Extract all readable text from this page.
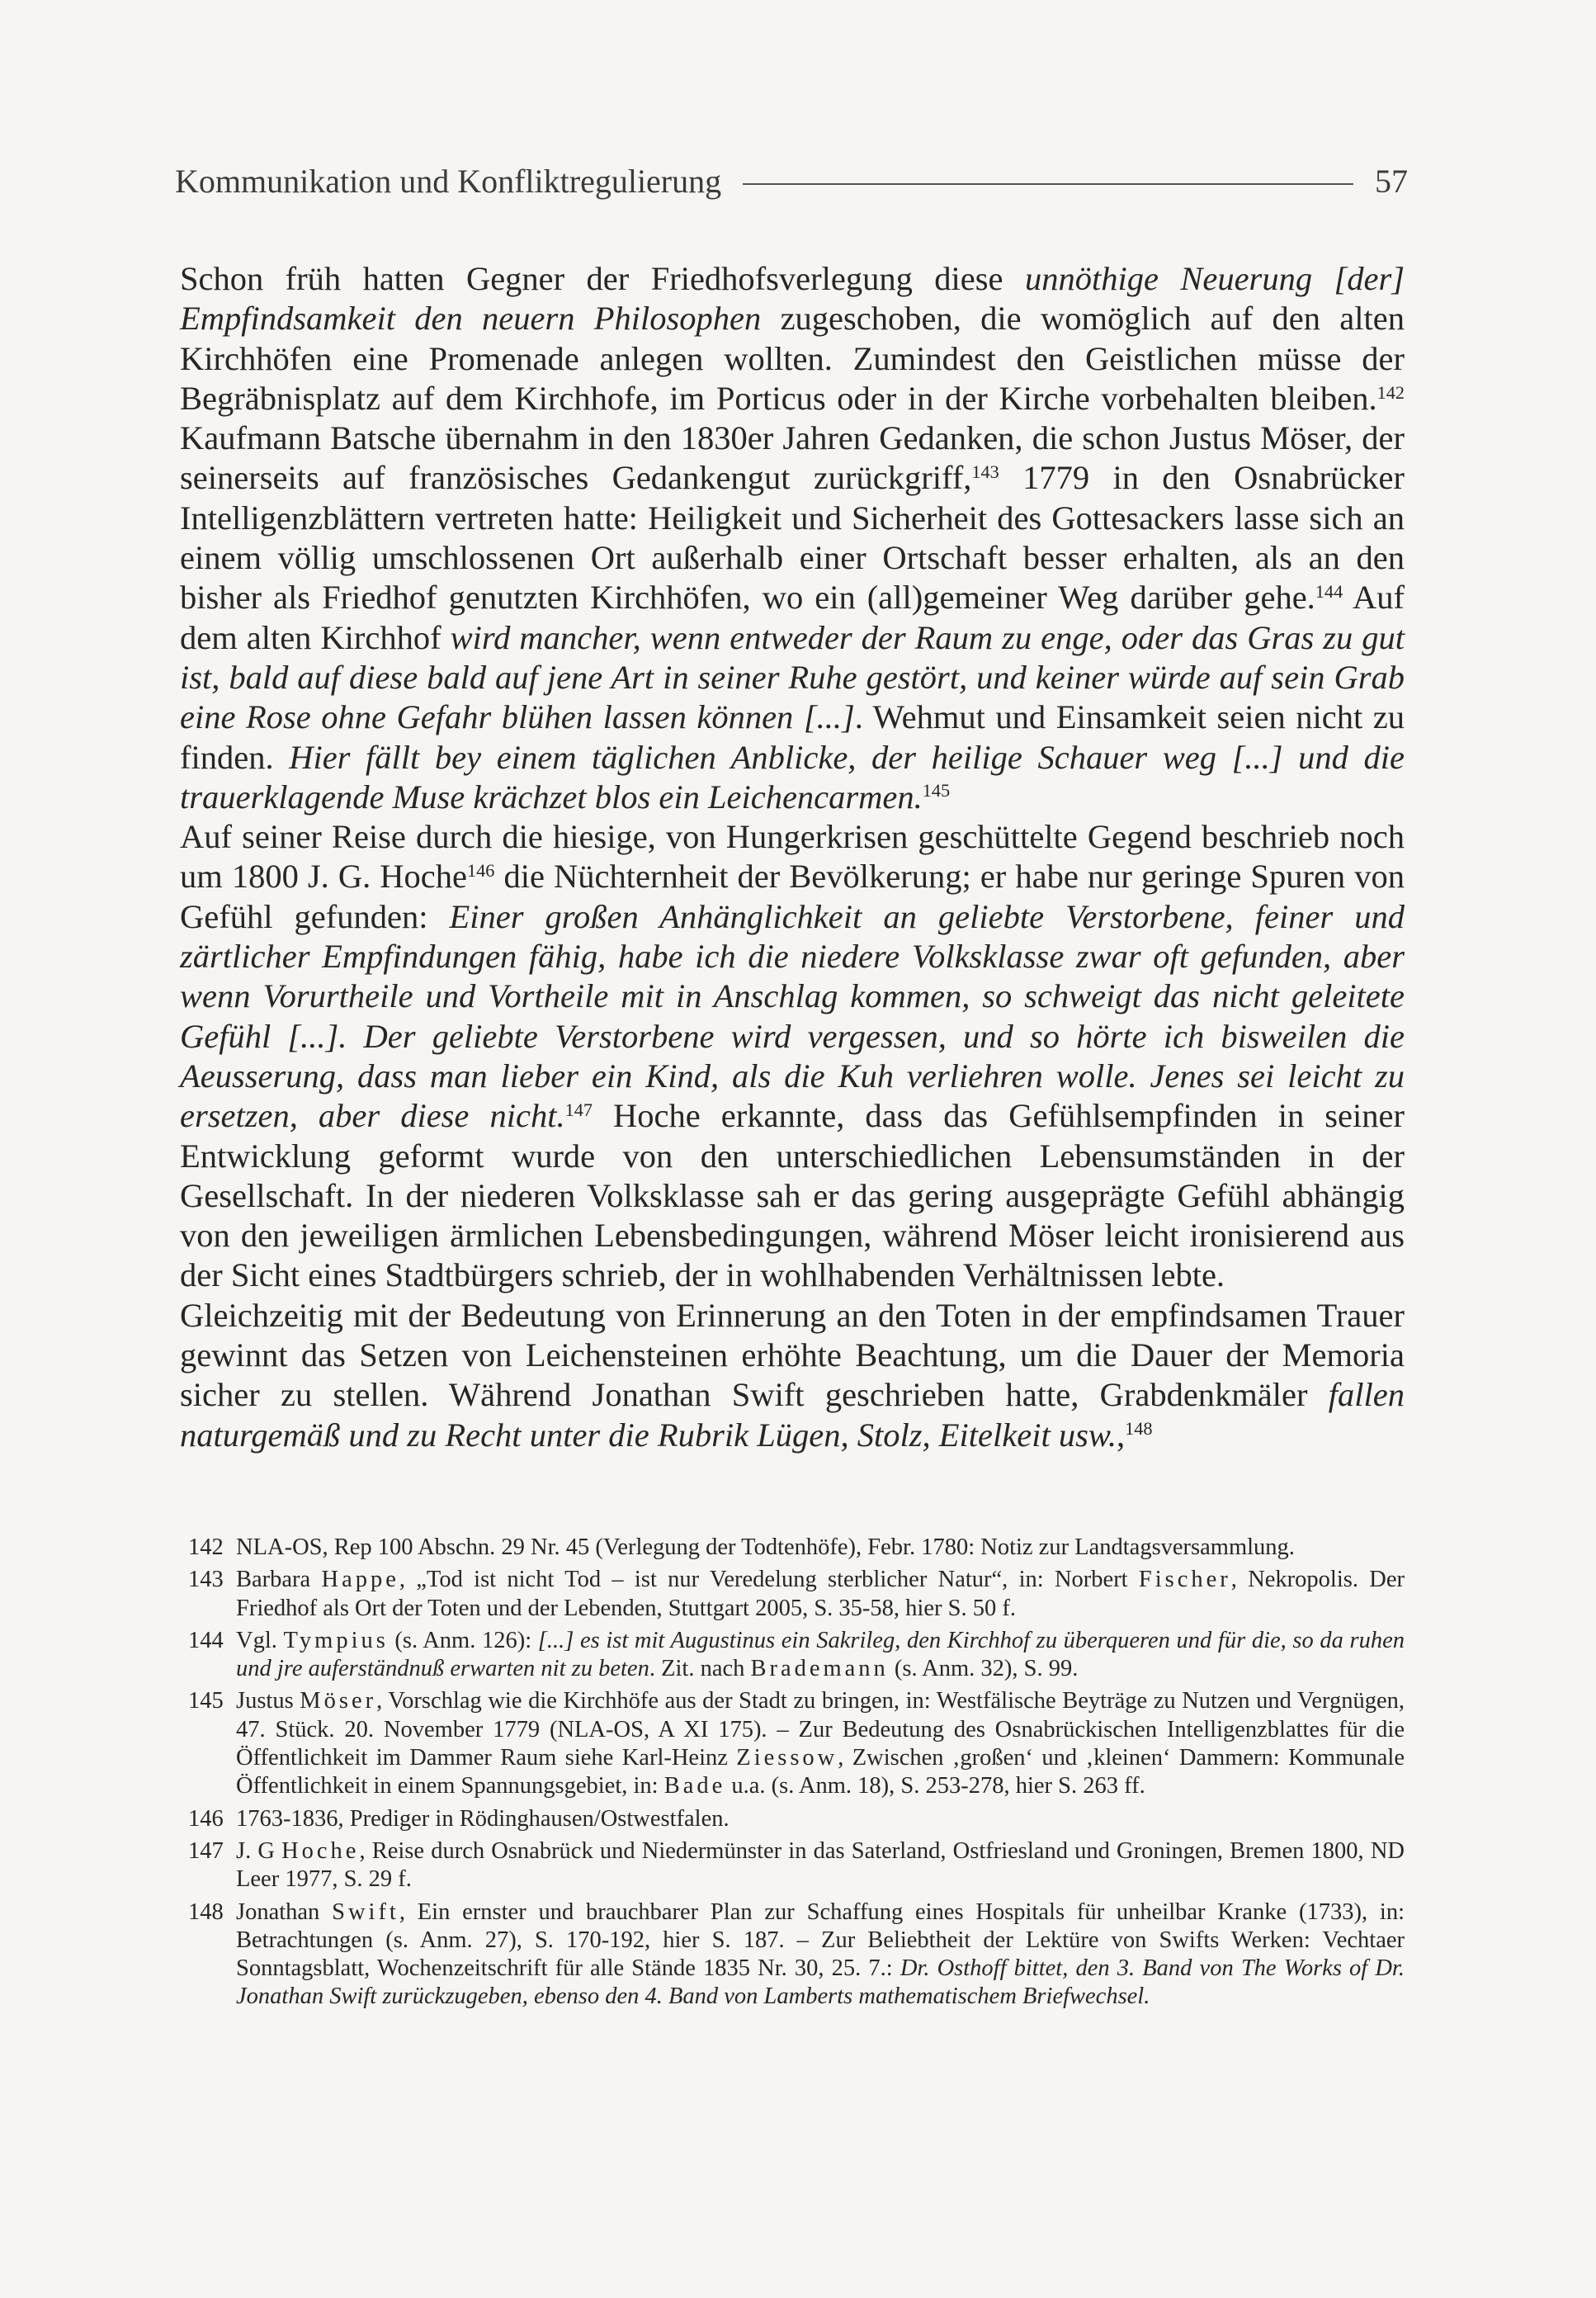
Kommunikation und Konfliktregulierung	57

Schon früh hatten Gegner der Friedhofsverlegung diese unnöthige Neuerung [der] Empfindsamkeit den neuern Philosophen zugeschoben, die womöglich auf den alten Kirchhöfen eine Promenade anlegen wollten. Zumindest den Geistlichen müsse der Begräbnisplatz auf dem Kirchhofe, im Porticus oder in der Kirche vorbehalten bleiben.$^{142}$ Kaufmann Batsche übernahm in den 1830er Jahren Gedanken, die schon Justus Möser, der seinerseits auf französisches Gedankengut zurückgriff,$^{143}$ 1779 in den Osnabrücker Intelligenzblättern vertreten hatte: Heiligkeit und Sicherheit des Gottesackers lasse sich an einem völlig umschlossenen Ort außerhalb einer Ortschaft besser erhalten, als an den bisher als Friedhof genutzten Kirchhöfen, wo ein (all)gemeiner Weg darüber gehe.$^{144}$ Auf dem alten Kirchhof wird mancher, wenn entweder der Raum zu enge, oder das Gras zu gut ist, bald auf diese bald auf jene Art in seiner Ruhe gestört, und keiner würde auf sein Grab eine Rose ohne Gefahr blühen lassen können [...]. Wehmut und Einsamkeit seien nicht zu finden. Hier fällt bey einem täglichen Anblicke, der heilige Schauer weg [...] und die trauerklagende Muse krächzet blos ein Leichencarmen.$^{145}$

Auf seiner Reise durch die hiesige, von Hungerkrisen geschüttelte Gegend beschrieb noch um 1800 J. G. Hoche$^{146}$ die Nüchternheit der Bevölkerung; er habe nur geringe Spuren von Gefühl gefunden: Einer großen Anhänglichkeit an geliebte Verstorbene, feiner und zärtlicher Empfindungen fähig, habe ich die niedere Volksklasse zwar oft gefunden, aber wenn Vorurtheile und Vortheile mit in Anschlag kommen, so schweigt das nicht geleitete Gefühl [...]. Der geliebte Verstorbene wird vergessen, und so hörte ich bisweilen die Aeusserung, dass man lieber ein Kind, als die Kuh verliehren wolle. Jenes sei leicht zu ersetzen, aber diese nicht.$^{147}$ Hoche erkannte, dass das Gefühlsempfinden in seiner Entwicklung geformt wurde von den unterschiedlichen Lebensumständen in der Gesellschaft. In der niederen Volksklasse sah er das gering ausgeprägte Gefühl abhängig von den jeweiligen ärmlichen Lebensbedingungen, während Möser leicht ironisierend aus der Sicht eines Stadtbürgers schrieb, der in wohlhabenden Verhältnissen lebte.

Gleichzeitig mit der Bedeutung von Erinnerung an den Toten in der empfindsamen Trauer gewinnt das Setzen von Leichensteinen erhöhte Beachtung, um die Dauer der Memoria sicher zu stellen. Während Jonathan Swift geschrieben hatte, Grabdenkmäler fallen naturgemäß und zu Recht unter die Rubrik Lügen, Stolz, Eitelkeit usw.,$^{148}$

142 NLA-OS, Rep 100 Abschn. 29 Nr. 45 (Verlegung der Todtenhöfe), Febr. 1780: Notiz zur Landtagsversammlung.
143 Barbara Happe, „Tod ist nicht Tod – ist nur Veredelung sterblicher Natur“, in: Norbert Fischer, Nekropolis. Der Friedhof als Ort der Toten und der Lebenden, Stuttgart 2005, S. 35-58, hier S. 50 f.
144 Vgl. Tympius (s. Anm. 126): [...] es ist mit Augustinus ein Sakrileg, den Kirchhof zu überqueren und für die, so da ruhen und jre auferständnuß erwarten nit zu beten. Zit. nach Brademann (s. Anm. 32), S. 99.
145 Justus Möser, Vorschlag wie die Kirchhöfe aus der Stadt zu bringen, in: Westfälische Beyträge zu Nutzen und Vergnügen, 47. Stück. 20. November 1779 (NLA-OS, A XI 175). – Zur Bedeutung des Osnabrückischen Intelligenzblattes für die Öffentlichkeit im Dammer Raum siehe Karl-Heinz Ziessow, Zwischen ‚großen‘ und ‚kleinen‘ Dammern: Kommunale Öffentlichkeit in einem Spannungsgebiet, in: Bade u.a. (s. Anm. 18), S. 253-278, hier S. 263 ff.
146 1763-1836, Prediger in Rödinghausen/Ostwestfalen.
147 J. G Hoche, Reise durch Osnabrück und Niedermünster in das Saterland, Ostfriesland und Groningen, Bremen 1800, ND Leer 1977, S. 29 f.
148 Jonathan Swift, Ein ernster und brauchbarer Plan zur Schaffung eines Hospitals für unheilbar Kranke (1733), in: Betrachtungen (s. Anm. 27), S. 170-192, hier S. 187. – Zur Beliebtheit der Lektüre von Swifts Werken: Vechtaer Sonntagsblatt, Wochenzeitschrift für alle Stände 1835 Nr. 30, 25. 7.: Dr. Osthoff bittet, den 3. Band von The Works of Dr. Jonathan Swift zurückzugeben, ebenso den 4. Band von Lamberts mathematischem Briefwechsel.
